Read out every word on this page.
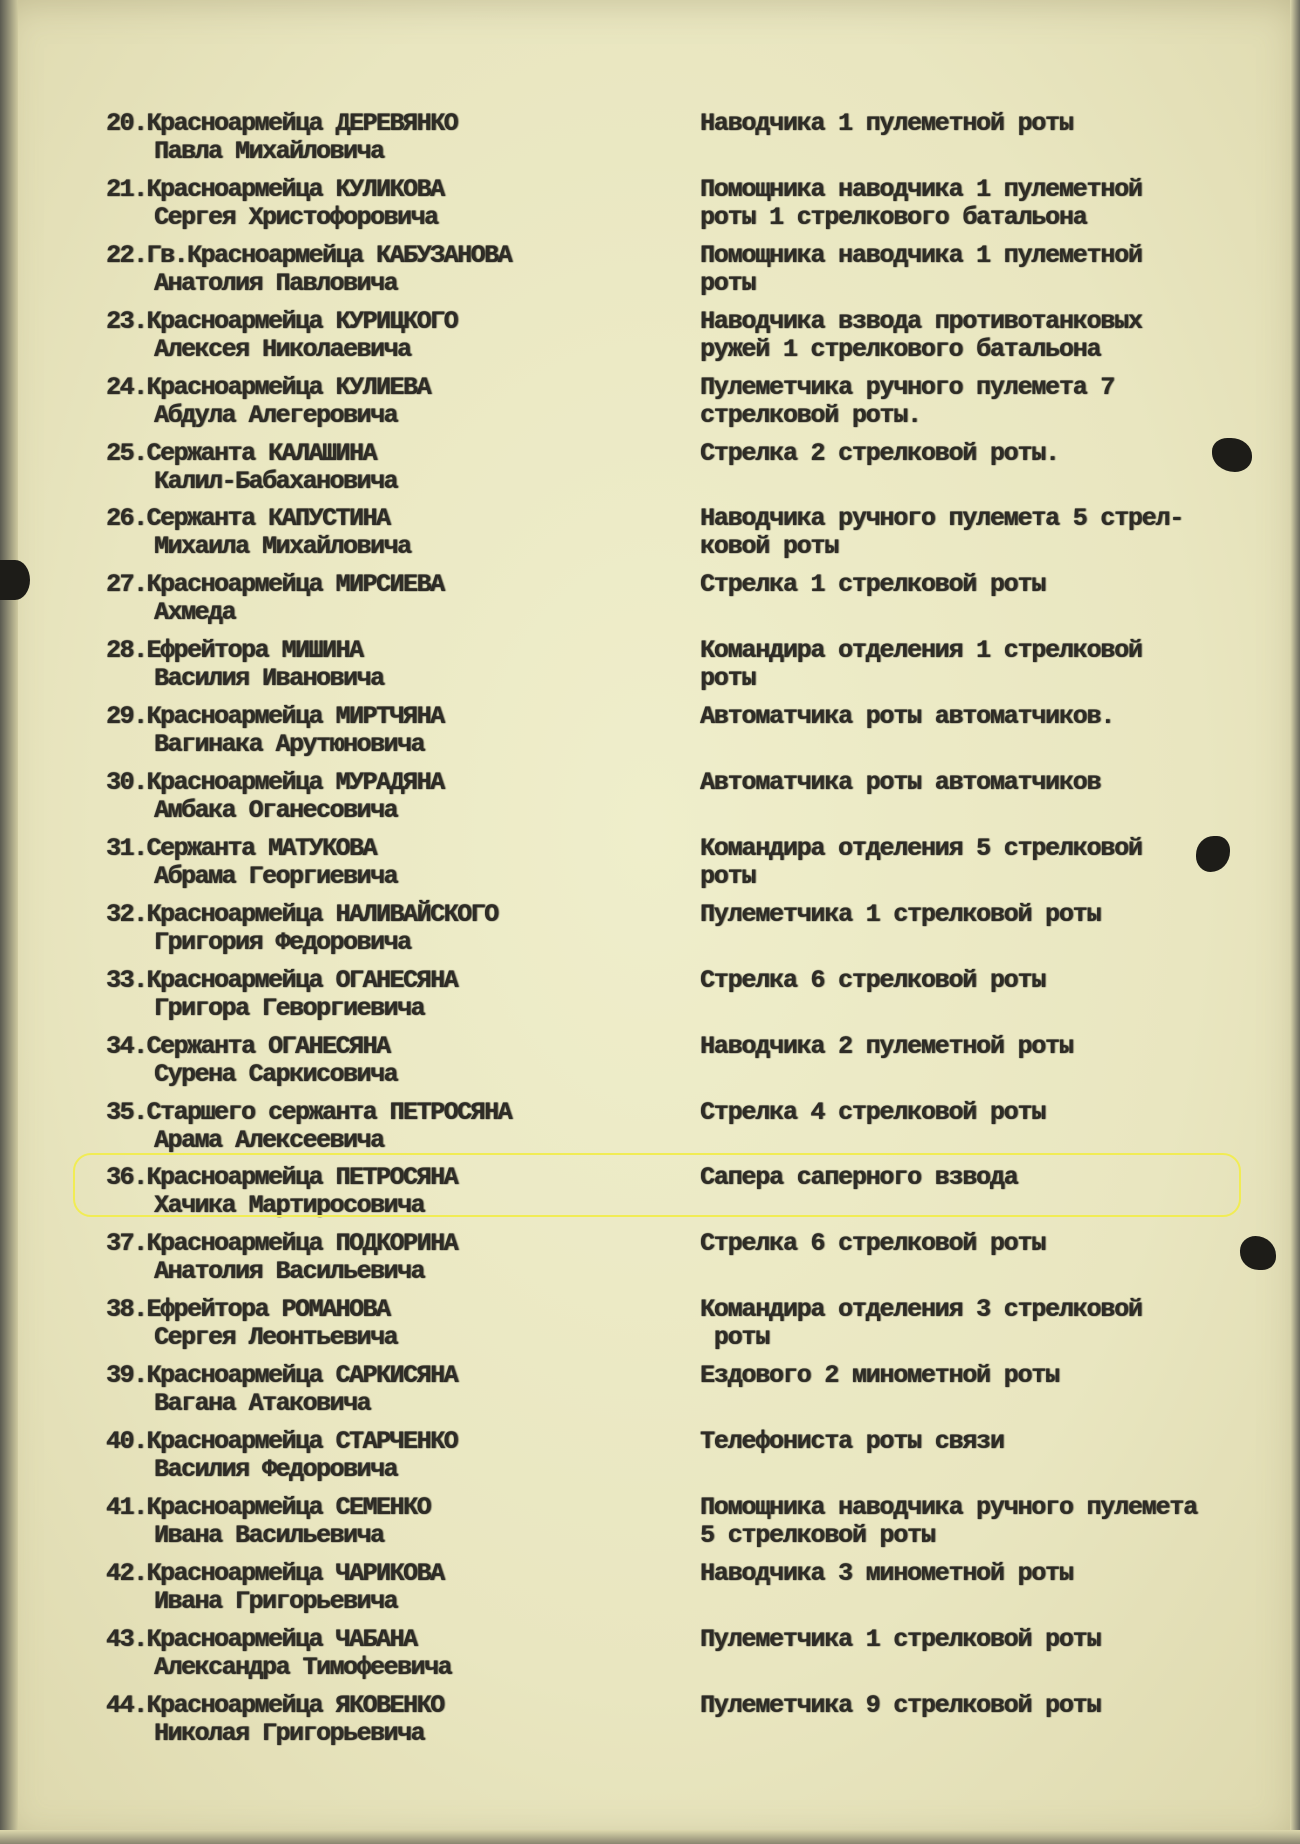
20.Красноармейца ДЕРЕВЯНКО
Павла Михайловича
Наводчика 1 пулеметной роты
21.Красноармейца КУЛИКОВА
Сергея Христофоровича
Помощника наводчика 1 пулеметной
роты 1 стрелкового батальона
22.Гв.Красноармейца КАБУЗАНОВА
Анатолия Павловича
Помощника наводчика 1 пулеметной
роты
23.Красноармейца КУРИЦКОГО
Алексея Николаевича
Наводчика взвода противотанковых
ружей 1 стрелкового батальона
24.Красноармейца КУЛИЕВА
Абдула Алегеровича
Пулеметчика ручного пулемета 7
стрелковой роты.
25.Сержанта КАЛАШИНА
Калил-Бабахановича
Стрелка 2 стрелковой роты.
26.Сержанта КАПУСТИНА
Михаила Михайловича
Наводчика ручного пулемета 5 стрел-
ковой роты
27.Красноармейца МИРСИЕВА
Ахмеда
Стрелка 1 стрелковой роты
28.Ефрейтора МИШИНА
Василия Ивановича
Командира отделения 1 стрелковой
роты
29.Красноармейца МИРТЧЯНА
Вагинака Арутюновича
Автоматчика роты автоматчиков.
30.Красноармейца МУРАДЯНА
Амбака Оганесовича
Автоматчика роты автоматчиков
31.Сержанта МАТУКОВА
Абрама Георгиевича
Командира отделения 5 стрелковой
роты
32.Красноармейца НАЛИВАЙСКОГО
Григория Федоровича
Пулеметчика 1 стрелковой роты
33.Красноармейца ОГАНЕСЯНА
Григора Геворгиевича
Стрелка 6 стрелковой роты
34.Сержанта ОГАНЕСЯНА
Сурена Саркисовича
Наводчика 2 пулеметной роты
35.Старшего сержанта ПЕТРОСЯНА
Арама Алексеевича
Стрелка 4 стрелковой роты
36.Красноармейца ПЕТРОСЯНА
Хачика Мартиросовича
Сапера саперного взвода
37.Красноармейца ПОДКОРИНА
Анатолия Васильевича
Стрелка 6 стрелковой роты
38.Ефрейтора РОМАНОВА
Сергея Леонтьевича
Командира отделения 3 стрелковой
роты
39.Красноармейца САРКИСЯНА
Вагана Атаковича
Ездового 2 минометной роты
40.Красноармейца СТАРЧЕНКО
Василия Федоровича
Телефониста роты связи
41.Красноармейца СЕМЕНКО
Ивана Васильевича
Помощника наводчика ручного пулемета
5 стрелковой роты
42.Красноармейца ЧАРИКОВА
Ивана Григорьевича
Наводчика 3 минометной роты
43.Красноармейца ЧАБАНА
Александра Тимофеевича
Пулеметчика 1 стрелковой роты
44.Красноармейца ЯКОВЕНКО
Николая Григорьевича
Пулеметчика 9 стрелковой роты
